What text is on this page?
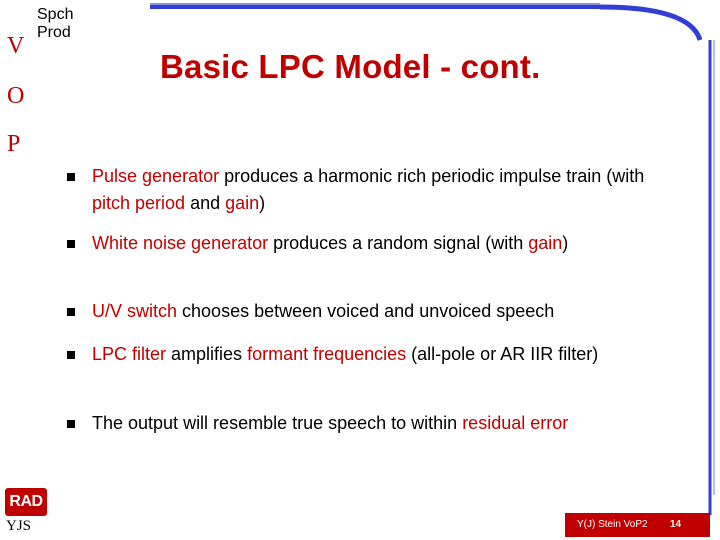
V
O
P
Spch
Prod
Basic LPC Model - cont.
Pulse generator produces a harmonic rich periodic impulse train (with pitch period and gain)
White noise generator produces a random signal (with gain)
U/V switch chooses between voiced and unvoiced speech
LPC filter amplifies formant frequencies (all-pole or AR IIR filter)
The output will resemble true speech to within residual error
RAD
YJS	Y(J) Stein VoP2 14
